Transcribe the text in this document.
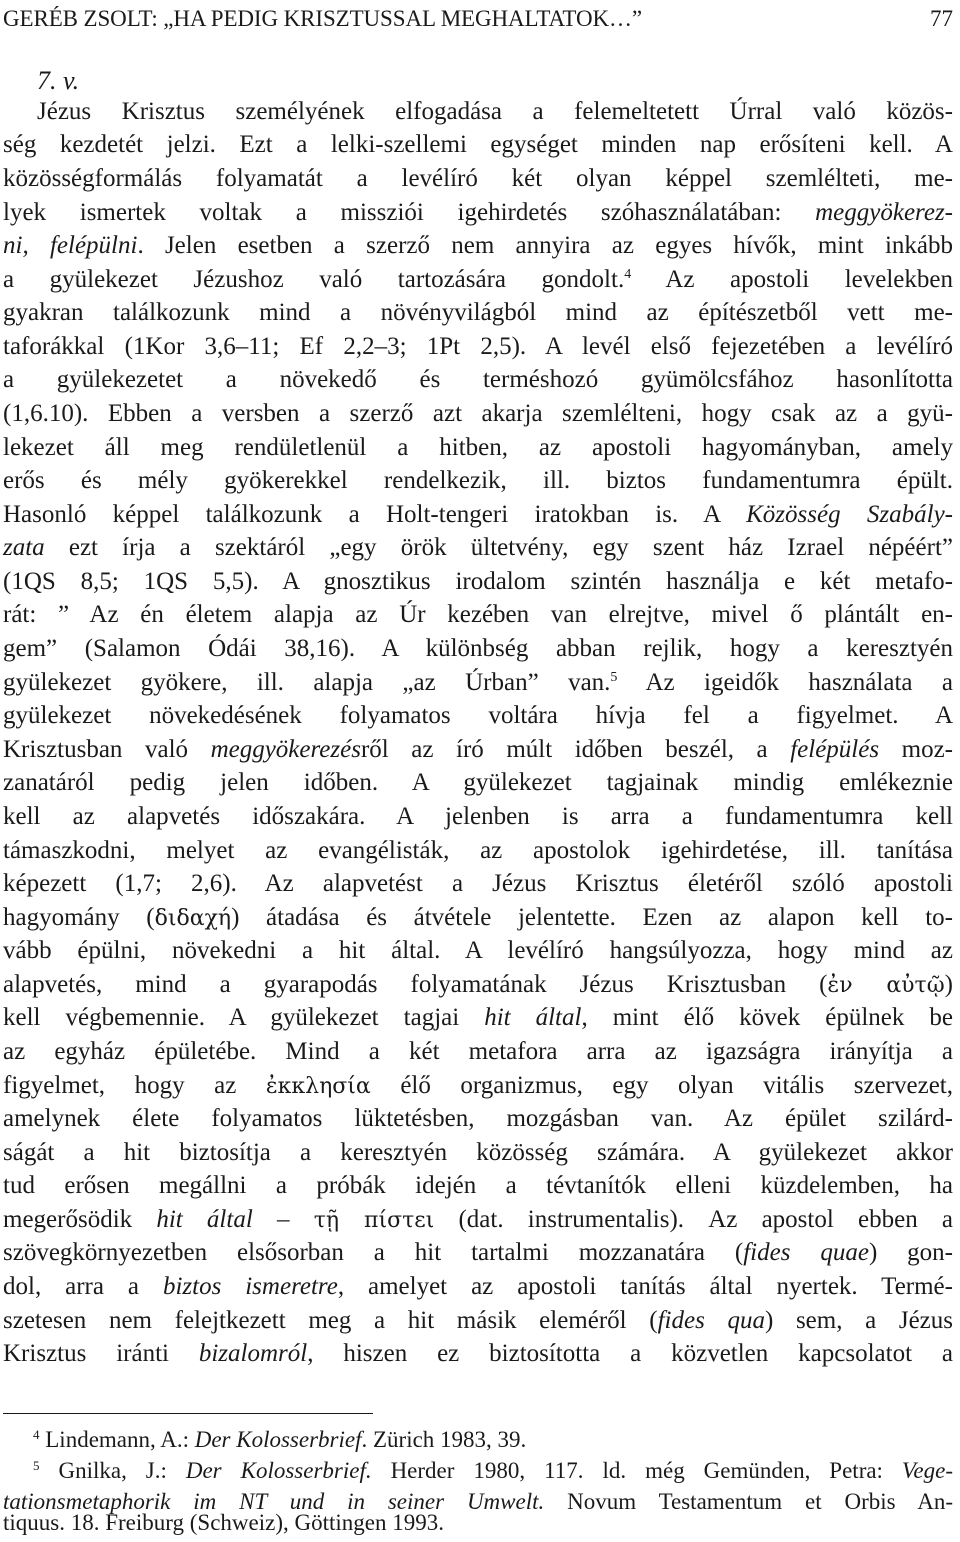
GERÉB ZSOLT: „HA PEDIG KRISZTUSSAL MEGHALTATOK…”	77
7. v.
Jézus Krisztus személyének elfogadása a felemeltetett Úrral való közös-
ség kezdetét jelzi. Ezt a lelki-szellemi egységet minden nap erősíteni kell. A
közösségformálás folyamatát a levélíró két olyan képpel szemlélteti, me-
lyek ismertek voltak a missziói igehirdetés szóhasználatában: meggyökerez-
ni, felépülni. Jelen esetben a szerző nem annyira az egyes hívők, mint inkább
a gyülekezet Jézushoz való tartozására gondolt.$^4$ Az apostoli levelekben
gyakran találkozunk mind a növényvilágból mind az építészetből vett me-
taforákkal (1Kor 3,6–11; Ef 2,2–3; 1Pt 2,5). A levél első fejezetében a levélíró
a gyülekezetet a növekedő és terméshozó gyümölcsfához hasonlította
(1,6.10). Ebben a versben a szerző azt akarja szemlélteni, hogy csak az a gyü-
lekezet áll meg rendületlenül a hitben, az apostoli hagyományban, amely
erős és mély gyökerekkel rendelkezik, ill. biztos fundamentumra épült.
Hasonló képpel találkozunk a Holt-tengeri iratokban is. A Közösség Szabály-
zata ezt írja a szektáról „egy örök ültetvény, egy szent ház Izrael népéért”
(1QS 8,5; 1QS 5,5). A gnosztikus irodalom szintén használja e két metafo-
rát: ” Az én életem alapja az Úr kezében van elrejtve, mivel ő plántált en-
gem” (Salamon Ódái 38,16). A különbség abban rejlik, hogy a keresztyén
gyülekezet gyökere, ill. alapja „az Úrban” van.$^5$ Az igeidők használata a
gyülekezet növekedésének folyamatos voltára hívja fel a figyelmet. A
Krisztusban való meggyökerezésről az író múlt időben beszél, a felépülés moz-
zanatáról pedig jelen időben. A gyülekezet tagjainak mindig emlékeznie
kell az alapvetés időszakára. A jelenben is arra a fundamentumra kell
támaszkodni, melyet az evangélisták, az apostolok igehirdetése, ill. tanítása
képezett (1,7; 2,6). Az alapvetést a Jézus Krisztus életéről szóló apostoli
hagyomány (διδαχή) átadása és átvétele jelentette. Ezen az alapon kell to-
vább épülni, növekedni a hit által. A levélíró hangsúlyozza, hogy mind az
alapvetés, mind a gyarapodás folyamatának Jézus Krisztusban (ἐν αὐτῷ)
kell végbemennie. A gyülekezet tagjai hit által, mint élő kövek épülnek be
az egyház épületébe. Mind a két metafora arra az igazságra irányítja a
figyelmet, hogy az ἐκκλησία élő organizmus, egy olyan vitális szervezet,
amelynek élete folyamatos lüktetésben, mozgásban van. Az épület szilárd-
ságát a hit biztosítja a keresztyén közösség számára. A gyülekezet akkor
tud erősen megállni a próbák idején a tévtanítók elleni küzdelemben, ha
megerősödik hit által – τῇ πίστει (dat. instrumentalis). Az apostol ebben a
szövegkörnyezetben elsősorban a hit tartalmi mozzanatára (fides quae) gon-
dol, arra a biztos ismeretre, amelyet az apostoli tanítás által nyertek. Termé-
szetesen nem felejtkezett meg a hit másik eleméről (fides qua) sem, a Jézus
Krisztus iránti bizalomról, hiszen ez biztosította a közvetlen kapcsolatot a
$^4$ Lindemann, A.: Der Kolosserbrief. Zürich 1983, 39.
$^5$ Gnilka, J.: Der Kolosserbrief. Herder 1980, 117. ld. még Gemünden, Petra: Vege-
tationsmetaphorik im NT und in seiner Umwelt. Novum Testamentum et Orbis An-
tiquus. 18. Freiburg (Schweiz), Göttingen 1993.
